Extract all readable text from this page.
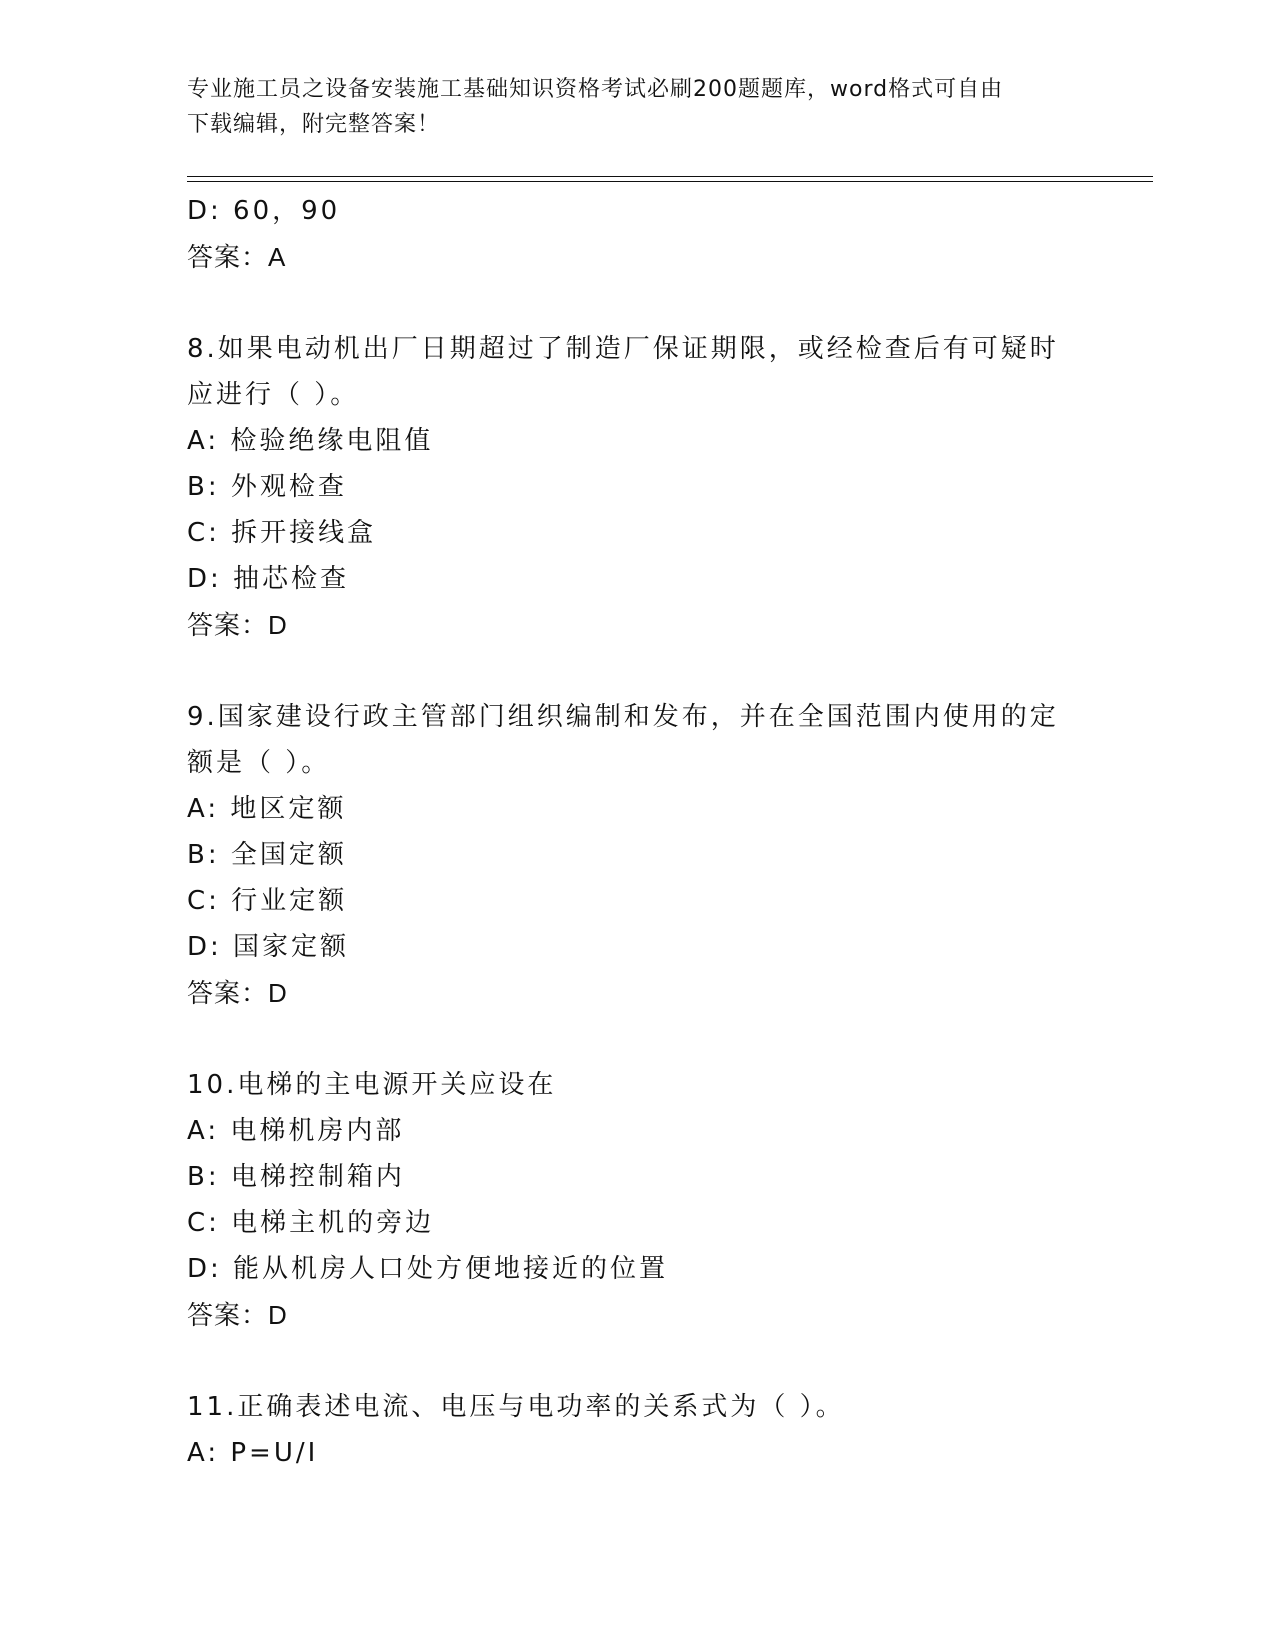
专业施工员之设备安装施工基础知识资格考试必刷200题题库，word格式可自由
下载编辑，附完整答案！
D: 60，90
答案：A
8.如果电动机出厂日期超过了制造厂保证期限，或经检查后有可疑时
应进行（ ）。
A: 检验绝缘电阻值
B: 外观检查
C: 拆开接线盒
D: 抽芯检查
答案：D
9.国家建设行政主管部门组织编制和发布，并在全国范围内使用的定
额是（ ）。
A: 地区定额
B: 全国定额
C: 行业定额
D: 国家定额
答案：D
10.电梯的主电源开关应设在
A: 电梯机房内部
B: 电梯控制箱内
C: 电梯主机的旁边
D: 能从机房人口处方便地接近的位置
答案：D
11.正确表述电流、电压与电功率的关系式为（ ）。
A: P=U/I
